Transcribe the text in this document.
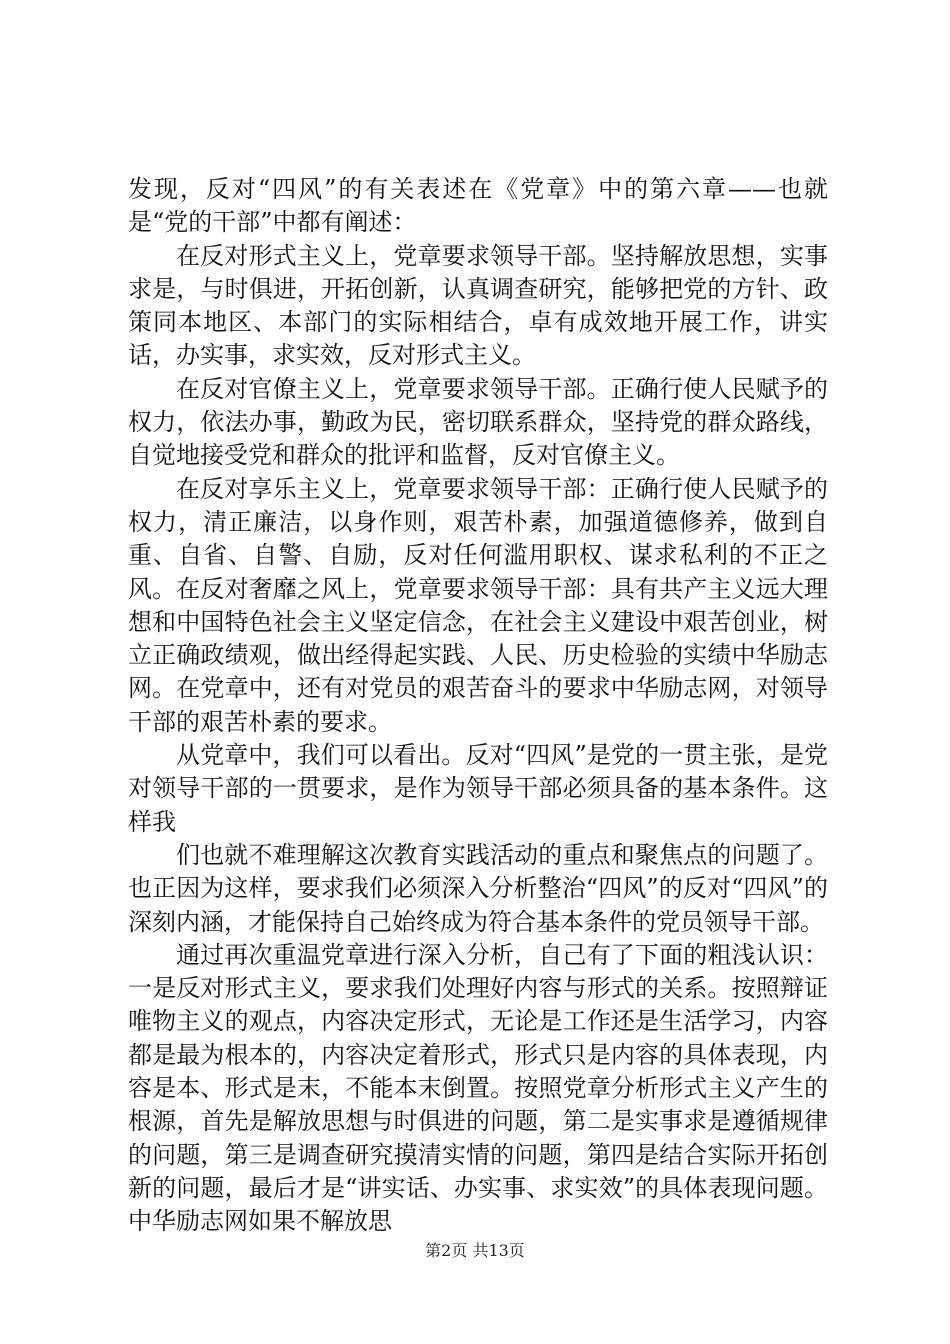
发现，反对“四风”的有关表述在《党章》中的第六章——也就是“党的干部”中都有阐述：

在反对形式主义上，党章要求领导干部。坚持解放思想，实事求是，与时俱进，开拓创新，认真调查研究，能够把党的方针、政策同本地区、本部门的实际相结合，卓有成效地开展工作，讲实话，办实事，求实效，反对形式主义。

在反对官僚主义上，党章要求领导干部。正确行使人民赋予的权力，依法办事，勤政为民，密切联系群众，坚持党的群众路线，自觉地接受党和群众的批评和监督，反对官僚主义。

在反对享乐主义上，党章要求领导干部：正确行使人民赋予的权力，清正廉洁，以身作则，艰苦朴素，加强道德修养，做到自重、自省、自警、自励，反对任何滥用职权、谋求私利的不正之风。在反对奢靡之风上，党章要求领导干部：具有共产主义远大理想和中国特色社会主义坚定信念，在社会主义建设中艰苦创业，树立正确政绩观，做出经得起实践、人民、历史检验的实绩中华励志网。在党章中，还有对党员的艰苦奋斗的要求中华励志网，对领导干部的艰苦朴素的要求。

从党章中，我们可以看出。反对“四风”是党的一贯主张，是党对领导干部的一贯要求，是作为领导干部必须具备的基本条件。这样我

们也就不难理解这次教育实践活动的重点和聚焦点的问题了。也正因为这样，要求我们必须深入分析整治“四风”的反对“四风”的深刻内涵，才能保持自己始终成为符合基本条件的党员领导干部。

通过再次重温党章进行深入分析，自己有了下面的粗浅认识：一是反对形式主义，要求我们处理好内容与形式的关系。按照辩证唯物主义的观点，内容决定形式，无论是工作还是生活学习，内容都是最为根本的，内容决定着形式，形式只是内容的具体表现，内容是本、形式是末，不能本末倒置。按照党章分析形式主义产生的根源，首先是解放思想与时俱进的问题，第二是实事求是遵循规律的问题，第三是调查研究摸清实情的问题，第四是结合实际开拓创新的问题，最后才是“讲实话、办实事、求实效”的具体表现问题。中华励志网如果不解放思

第2页 共13页
